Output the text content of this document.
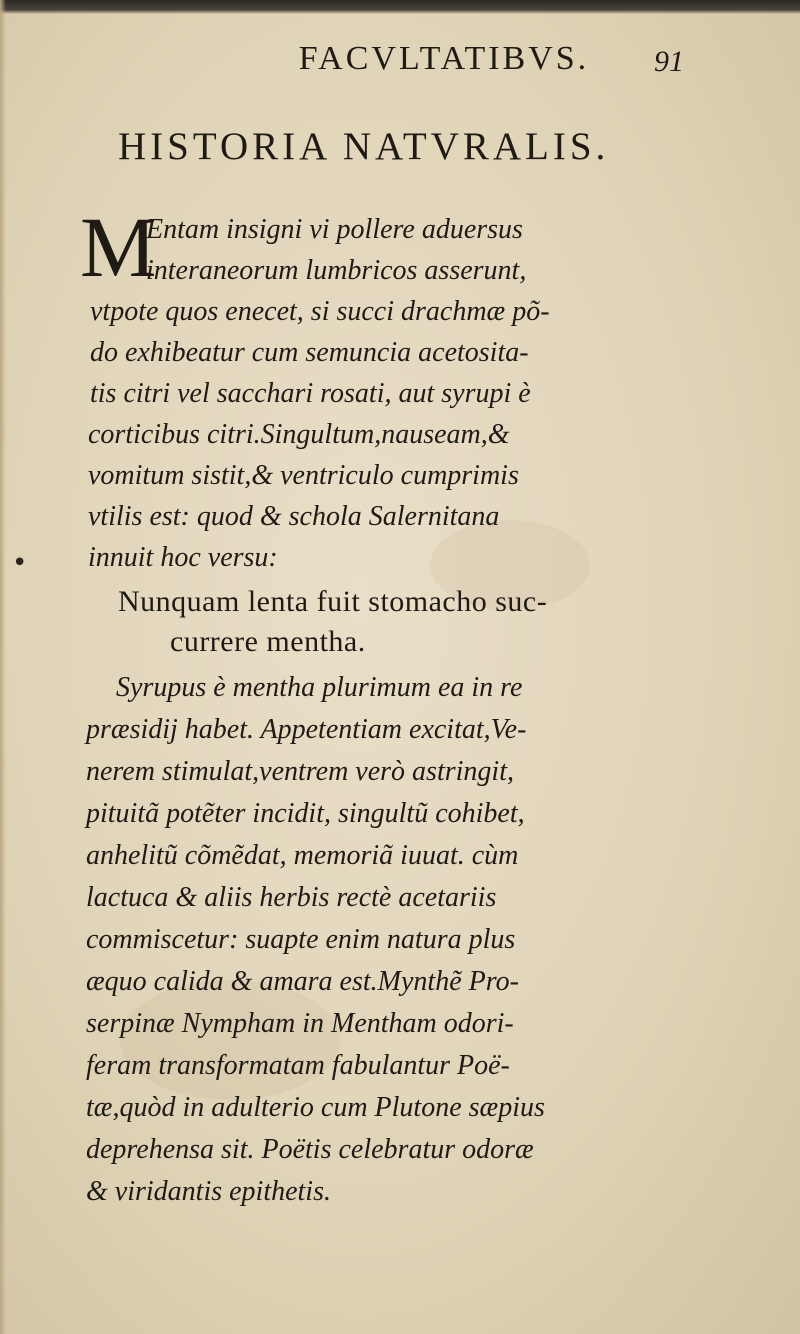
FACVLTATIBVS.	91
HISTORIA NATVRALIS.
M
•
Entam insigni vi pollere aduersus
interaneorum lumbricos asserunt,
vtpote quos enecet, si succi drachmæ põ-
do exhibeatur cum semuncia acetosita-
tis citri vel sacchari rosati, aut syrupi è
corticibus citri.Singultum,nauseam,&
vomitum sistit,& ventriculo cumprimis
vtilis est: quod & schola Salernitana
innuit hoc versu:
Nunquam lenta fuit stomacho suc-
currere mentha.
Syrupus è mentha plurimum ea in re
præsidij habet. Appetentiam excitat,Ve-
nerem stimulat,ventrem verò astringit,
pituitã potẽter incidit, singultũ cohibet,
anhelitũ cõmẽdat, memoriã iuuat. cùm
lactuca & aliis herbis rectè acetariis
commiscetur: suapte enim natura plus
æquo calida & amara est.Mynthẽ Pro-
serpinæ Nympham in Mentham odori-
feram transformatam fabulantur Poë-
tæ,quòd in adulterio cum Plutone sæpius
deprehensa sit. Poëtis celebratur odoræ
& viridantis epithetis.
